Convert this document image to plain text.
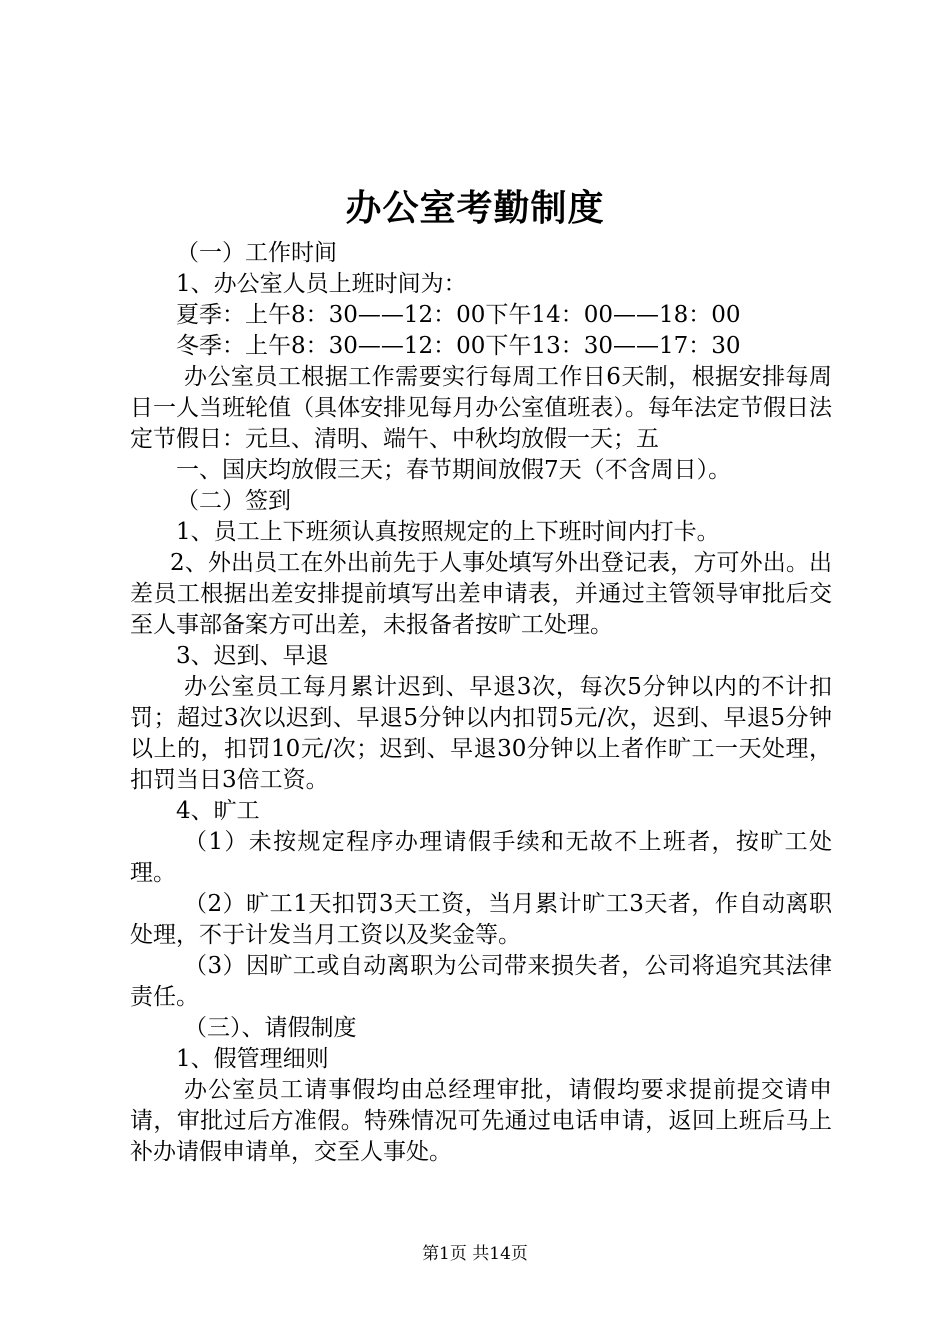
办公室考勤制度

（一）工作时间

1、办公室人员上班时间为：

夏季：上午8：30——12：00下午14：00——18：00

冬季：上午8：30——12：00下午13：30——17：30

办公室员工根据工作需要实行每周工作日6天制，根据安排每周日一人当班轮值（具体安排见每月办公室值班表）。每年法定节假日法定节假日：元旦、清明、端午、中秋均放假一天；五

一、国庆均放假三天；春节期间放假7天（不含周日）。

（二）签到

1、员工上下班须认真按照规定的上下班时间内打卡。

2、外出员工在外出前先于人事处填写外出登记表，方可外出。出差员工根据出差安排提前填写出差申请表，并通过主管领导审批后交至人事部备案方可出差，未报备者按旷工处理。

3、迟到、早退

办公室员工每月累计迟到、早退3次，每次5分钟以内的不计扣罚；超过3次以迟到、早退5分钟以内扣罚5元/次，迟到、早退5分钟以上的，扣罚10元/次；迟到、早退30分钟以上者作旷工一天处理，扣罚当日3倍工资。

4、旷工

（1）未按规定程序办理请假手续和无故不上班者，按旷工处理。

（2）旷工1天扣罚3天工资，当月累计旷工3天者，作自动离职处理，不于计发当月工资以及奖金等。

（3）因旷工或自动离职为公司带来损失者，公司将追究其法律责任。

（三）、请假制度

1、假管理细则

办公室员工请事假均由总经理审批，请假均要求提前提交请申请，审批过后方准假。特殊情况可先通过电话申请，返回上班后马上补办请假申请单，交至人事处。

第1页 共14页
